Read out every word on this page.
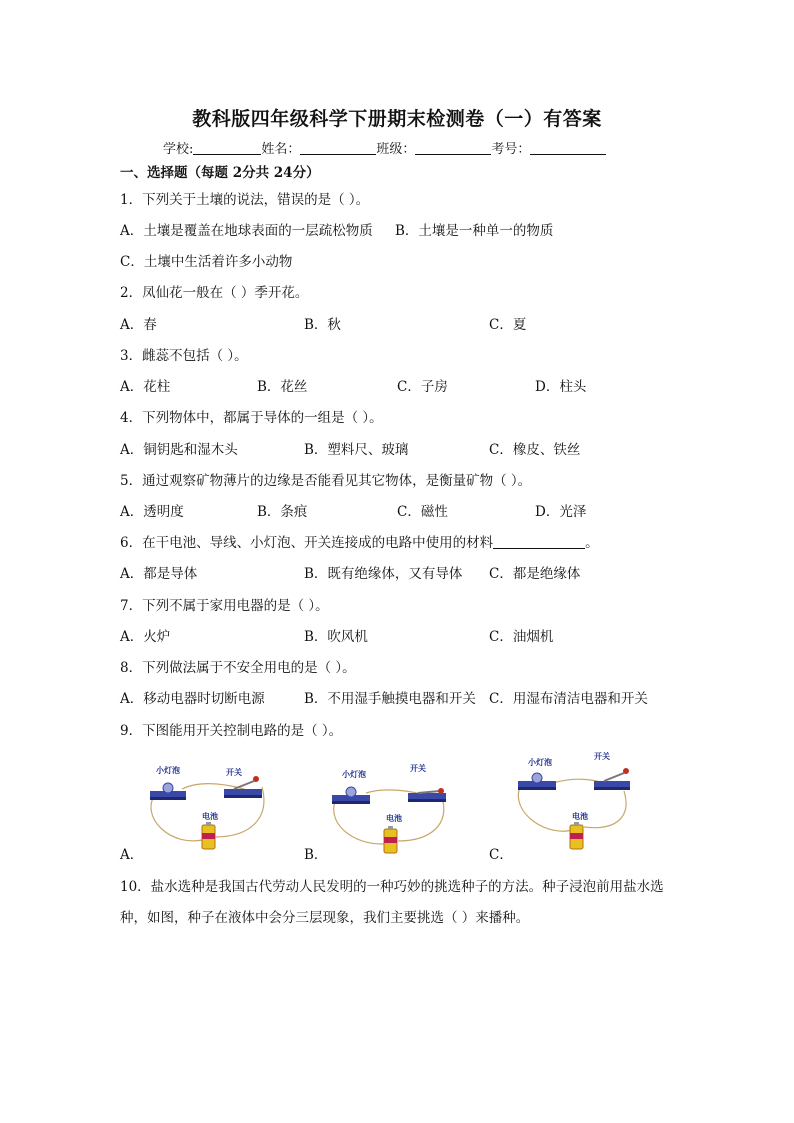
教科版四年级科学下册期末检测卷（一）有答案
学校:	姓名：	班级：	考号：
一、选择题（每题 2分共 24分）
1．下列关于土壤的说法，错误的是（ ）。
A．土壤是覆盖在地球表面的一层疏松物质 B．土壤是一种单一的物质
C．土壤中生活着许多小动物
2．凤仙花一般在（ ）季开花。
A．春	B．秋	C．夏
3．雌蕊不包括（ ）。
A．花柱	B．花丝	C．子房	D．柱头
4．下列物体中，都属于导体的一组是（ ）。
A．铜钥匙和湿木头	B．塑料尺、玻璃	C．橡皮、铁丝
5．通过观察矿物薄片的边缘是否能看见其它物体，是衡量矿物（ ）。
A．透明度	B．条痕	C．磁性	D．光泽
6．在干电池、导线、小灯泡、开关连接成的电路中使用的材料	。
A．都是导体	B．既有绝缘体，又有导体 C．都是绝缘体
7．下列不属于家用电器的是（ ）。
A．火炉	B．吹风机	C．油烟机
8．下列做法属于不安全用电的是（ ）。
A．移动电器时切断电源	B．不用湿手触摸电器和开关 C．用湿布清洁电器和开关
9．下图能用开关控制电路的是（ ）。
小灯泡	开关
电池
A．
小灯泡
开关
电池
B．
小灯泡
开关
电池
C．
10．盐水选种是我国古代劳动人民发明的一种巧妙的挑选种子的方法。种子浸泡前用盐水选
种，如图，种子在液体中会分三层现象，我们主要挑选（ ）来播种。
